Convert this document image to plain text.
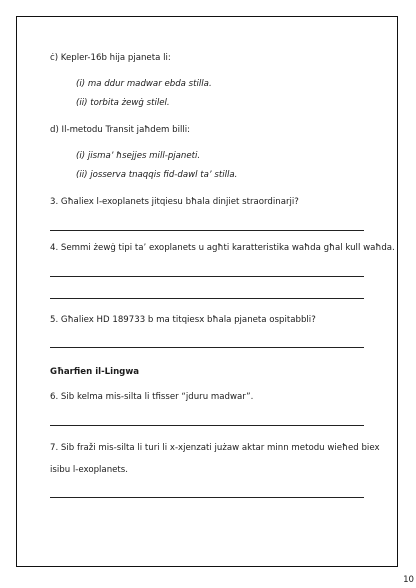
ċ) Kepler-16b hija pjaneta li:
(i) ma ddur madwar ebda stilla.
(ii) torbita żewġ stilel.
d) Il-metodu Transit jaħdem billi:
(i) jisma’ ħsejjes mill-pjaneti.
(ii) josserva tnaqqis fid-dawl ta’ stilla.
3. Għaliex l-exoplanets jitqiesu bħala dinjiet straordinarji?
4. Semmi żewġ tipi ta’ exoplanets u agħti karatteristika waħda għal kull waħda.
5. Għaliex HD 189733 b ma titqiesx bħala pjaneta ospitabbli?
Għarfien il-Lingwa
6. Sib kelma mis-silta li tfisser “jduru madwar”.
7. Sib fraži mis-silta li turi li x-xjenzati jużaw aktar minn metodu wieħed biex
isibu l-exoplanets.
10
